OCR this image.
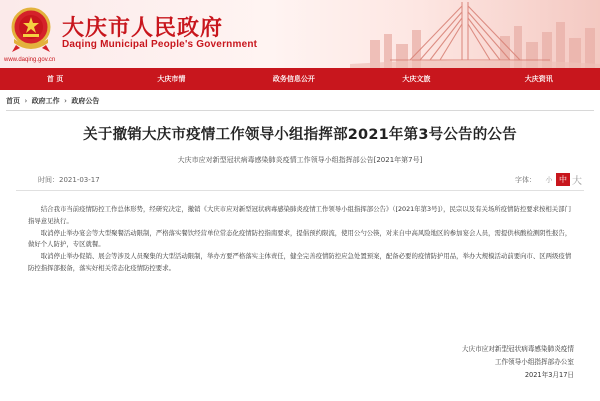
大庆市人民政府
Daqing Municipal People's Government
www.daqing.gov.cn
首 页	大庆市情	政务信息公开	大庆文旅	大庆资讯
首页 › 政府工作 › 政府公告
关于撤销大庆市疫情工作领导小组指挥部2021年第3号公告的公告
大庆市应对新型冠状病毒感染肺炎疫情工作领导小组指挥部公告[2021年第7号]
时间：2021-03-17	字体：	小 中 大

结合我市当前疫情防控工作总体形势，经研究决定，撤销《大庆市应对新型冠状病毒感染肺炎疫情工作领导小组指挥部公告》（[2021年第3号]），民宗以及有关场所疫情防控要求按相关部门指导意见执行。

取消停止举办宴会等大型聚餐活动限制，严格落实餐饮经营单位常态化疫情防控指南要求，提倡预约限流，使用公勺公筷，对来自中高风险地区的参加宴会人员，需提供核酸检测阴性报告，做好个人防护，专区就餐。

取消停止举办促销、展会等涉及人员聚集的大型活动限制，举办方要严格落实主体责任，健全完善疫情防控应急处置预案，配备必要的疫情防护用品，举办大规模活动前要向市、区两级疫情防控指挥部报备，落实好相关常态化疫情防控要求。

大庆市应对新型冠状病毒感染肺炎疫情
工作领导小组指挥部办公室
2021年3月17日
